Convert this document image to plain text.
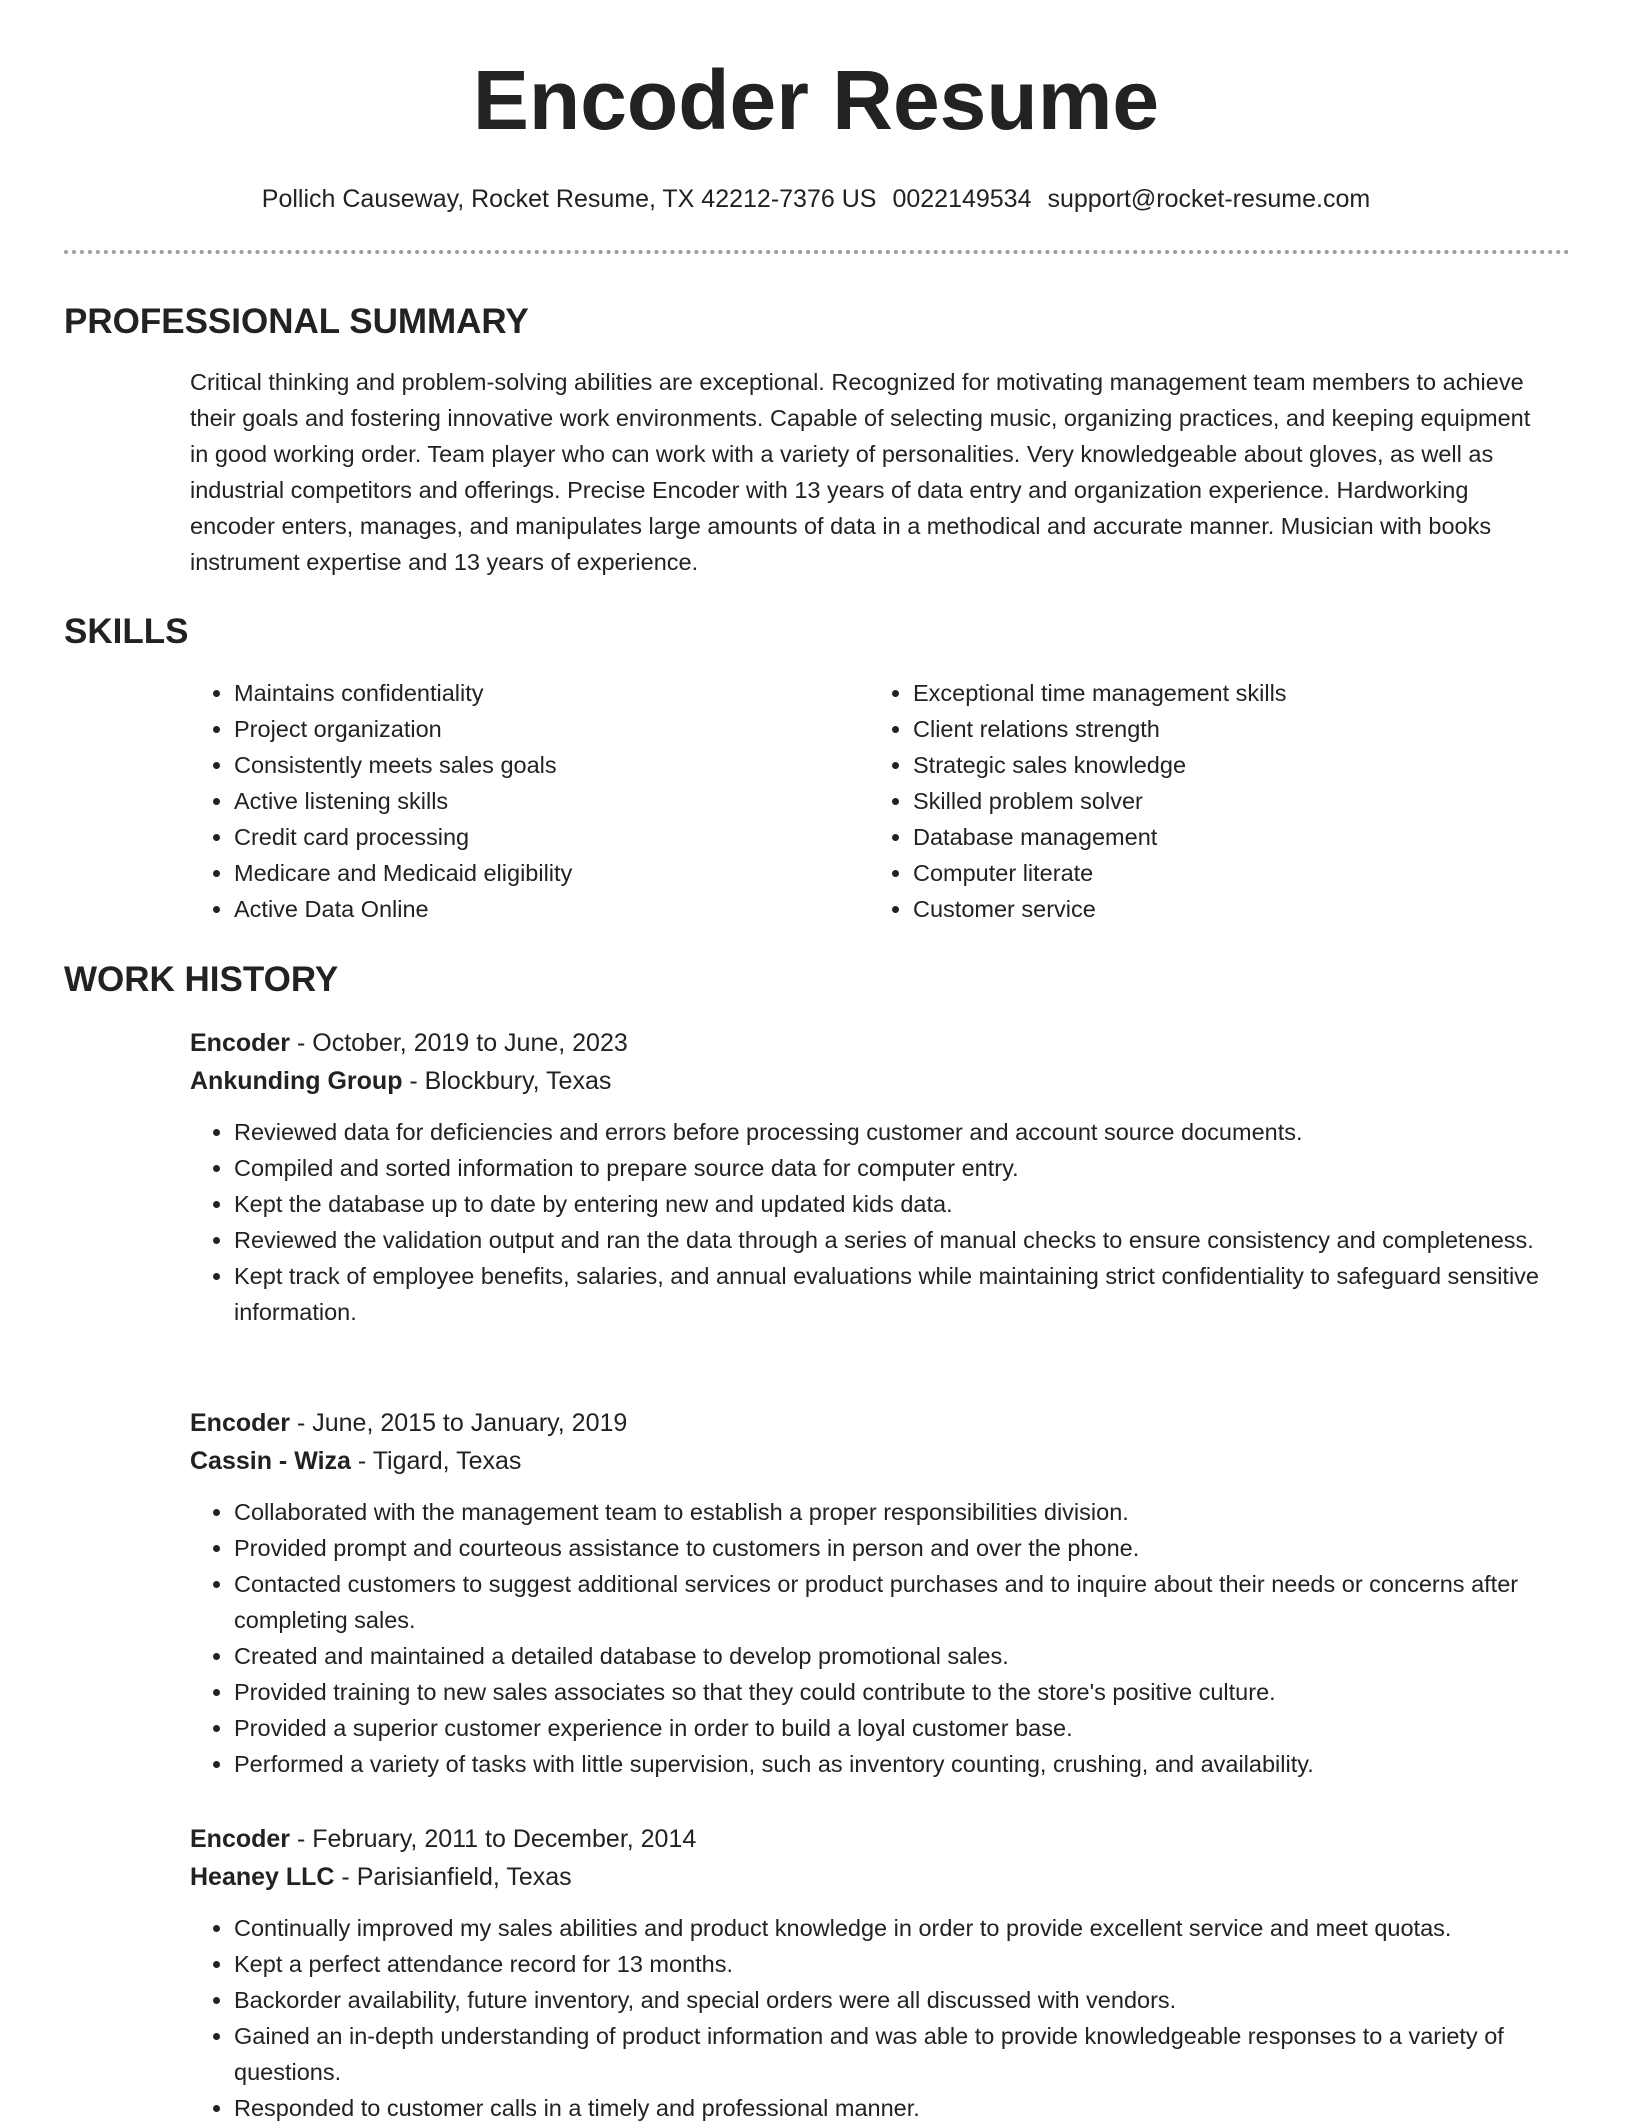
Encoder Resume
Pollich Causeway, Rocket Resume, TX 42212-7376 US 0022149534 support@rocket-resume.com
PROFESSIONAL SUMMARY
Critical thinking and problem-solving abilities are exceptional. Recognized for motivating management team members to achieve their goals and fostering innovative work environments. Capable of selecting music, organizing practices, and keeping equipment in good working order. Team player who can work with a variety of personalities. Very knowledgeable about gloves, as well as industrial competitors and offerings. Precise Encoder with 13 years of data entry and organization experience. Hardworking encoder enters, manages, and manipulates large amounts of data in a methodical and accurate manner. Musician with books instrument expertise and 13 years of experience.
SKILLS
• Maintains confidentiality
• Project organization
• Consistently meets sales goals
• Active listening skills
• Credit card processing
• Medicare and Medicaid eligibility
• Active Data Online
• Exceptional time management skills
• Client relations strength
• Strategic sales knowledge
• Skilled problem solver
• Database management
• Computer literate
• Customer service
WORK HISTORY
Encoder - October, 2019 to June, 2023
Ankunding Group - Blockbury, Texas
• Reviewed data for deficiencies and errors before processing customer and account source documents.
• Compiled and sorted information to prepare source data for computer entry.
• Kept the database up to date by entering new and updated kids data.
• Reviewed the validation output and ran the data through a series of manual checks to ensure consistency and completeness.
• Kept track of employee benefits, salaries, and annual evaluations while maintaining strict confidentiality to safeguard sensitive information.
Encoder - June, 2015 to January, 2019
Cassin - Wiza - Tigard, Texas
• Collaborated with the management team to establish a proper responsibilities division.
• Provided prompt and courteous assistance to customers in person and over the phone.
• Contacted customers to suggest additional services or product purchases and to inquire about their needs or concerns after completing sales.
• Created and maintained a detailed database to develop promotional sales.
• Provided training to new sales associates so that they could contribute to the store's positive culture.
• Provided a superior customer experience in order to build a loyal customer base.
• Performed a variety of tasks with little supervision, such as inventory counting, crushing, and availability.
Encoder - February, 2011 to December, 2014
Heaney LLC - Parisianfield, Texas
• Continually improved my sales abilities and product knowledge in order to provide excellent service and meet quotas.
• Kept a perfect attendance record for 13 months.
• Backorder availability, future inventory, and special orders were all discussed with vendors.
• Gained an in-depth understanding of product information and was able to provide knowledgeable responses to a variety of questions.
• Responded to customer calls in a timely and professional manner.
